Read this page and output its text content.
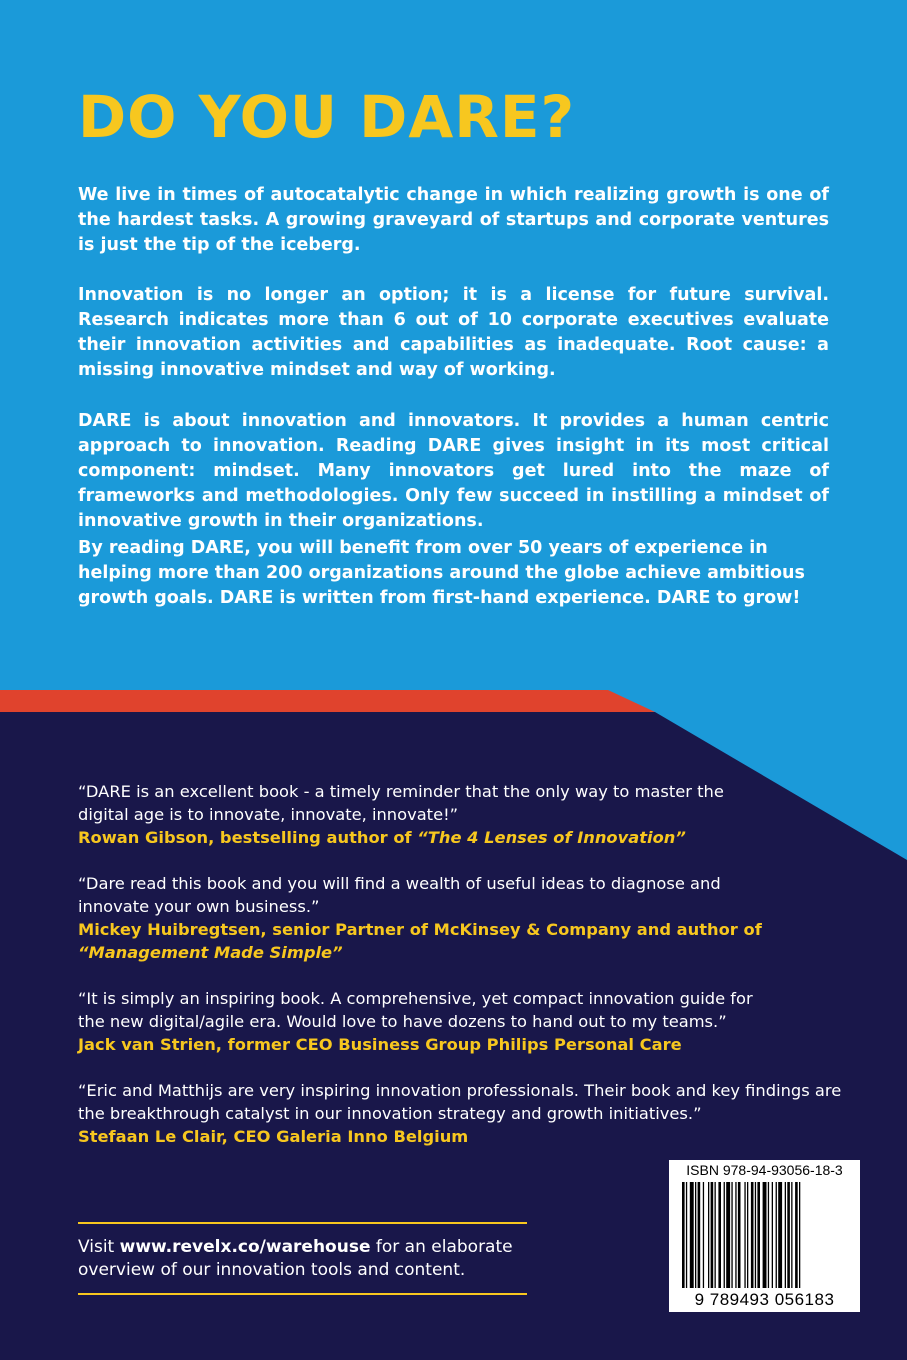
DO YOU DARE?

We live in times of autocatalytic change in which realizing growth is one of the hardest tasks. A growing graveyard of startups and corporate ventures is just the tip of the iceberg.

Innovation is no longer an option; it is a license for future survival. Research indicates more than 6 out of 10 corporate executives evaluate their innovation activities and capabilities as inadequate. Root cause: a missing innovative mindset and way of working.

DARE is about innovation and innovators. It provides a human centric approach to innovation. Reading DARE gives insight in its most critical component: mindset. Many innovators get lured into the maze of frameworks and methodologies. Only few succeed in instilling a mindset of innovative growth in their organizations.

By reading DARE, you will benefit from over 50 years of experience in helping more than 200 organizations around the globe achieve ambitious growth goals. DARE is written from first-hand experience. DARE to grow!

“DARE is an excellent book - a timely reminder that the only way to master the digital age is to innovate, innovate, innovate!”

Rowan Gibson, bestselling author of “The 4 Lenses of Innovation”

“Dare read this book and you will find a wealth of useful ideas to diagnose and innovate your own business.”

Mickey Huibregtsen, senior Partner of McKinsey & Company and author of
“Management Made Simple”

“It is simply an inspiring book. A comprehensive, yet compact innovation guide for the new digital/agile era. Would love to have dozens to hand out to my teams.”

Jack van Strien, former CEO Business Group Philips Personal Care

“Eric and Matthijs are very inspiring innovation professionals. Their book and key findings are the breakthrough catalyst in our innovation strategy and growth initiatives.”

Stefaan Le Clair, CEO Galeria Inno Belgium

Visit www.revelx.co/warehouse for an elaborate overview of our innovation tools and content.

ISBN 978-94-93056-18-3
9 789493 056183
